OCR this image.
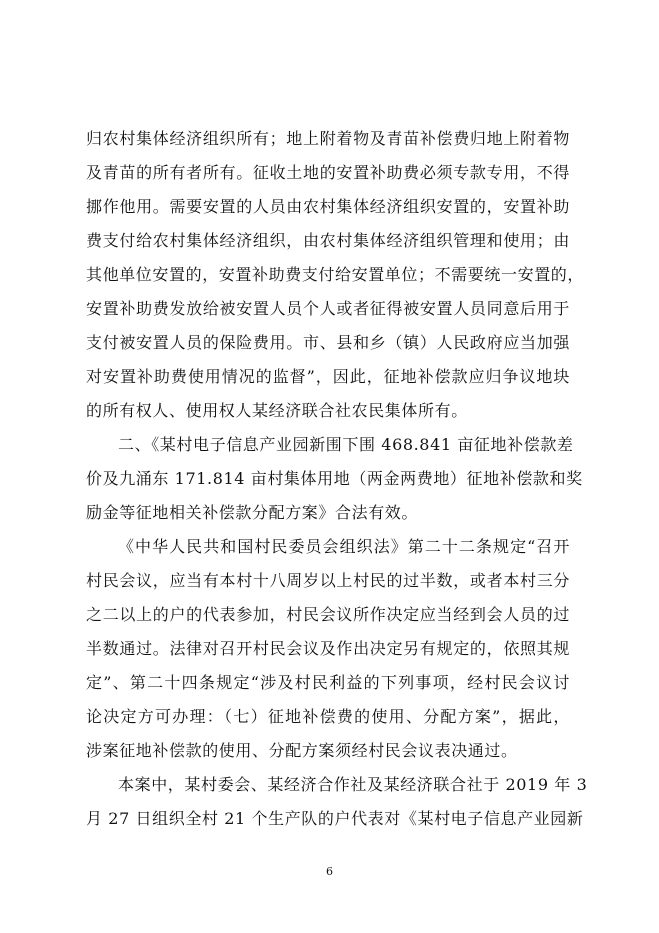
归农村集体经济组织所有；地上附着物及青苗补偿费归地上附着物
及青苗的所有者所有。征收土地的安置补助费必须专款专用，不得
挪作他用。需要安置的人员由农村集体经济组织安置的，安置补助
费支付给农村集体经济组织，由农村集体经济组织管理和使用；由
其他单位安置的，安置补助费支付给安置单位；不需要统一安置的，
安置补助费发放给被安置人员个人或者征得被安置人员同意后用于
支付被安置人员的保险费用。市、县和乡（镇）人民政府应当加强
对安置补助费使用情况的监督”，因此，征地补偿款应归争议地块
的所有权人、使用权人某经济联合社农民集体所有。
二、《某村电子信息产业园新围下围 468.841 亩征地补偿款差
价及九涌东 171.814 亩村集体用地（两金两费地）征地补偿款和奖
励金等征地相关补偿款分配方案》合法有效。
《中华人民共和国村民委员会组织法》第二十二条规定“召开
村民会议，应当有本村十八周岁以上村民的过半数，或者本村三分
之二以上的户的代表参加，村民会议所作决定应当经到会人员的过
半数通过。法律对召开村民会议及作出决定另有规定的，依照其规
定”、第二十四条规定“涉及村民利益的下列事项，经村民会议讨
论决定方可办理：（七）征地补偿费的使用、分配方案”，据此，
涉案征地补偿款的使用、分配方案须经村民会议表决通过。
本案中，某村委会、某经济合作社及某经济联合社于 2019 年 3
月 27 日组织全村 21 个生产队的户代表对《某村电子信息产业园新
6
